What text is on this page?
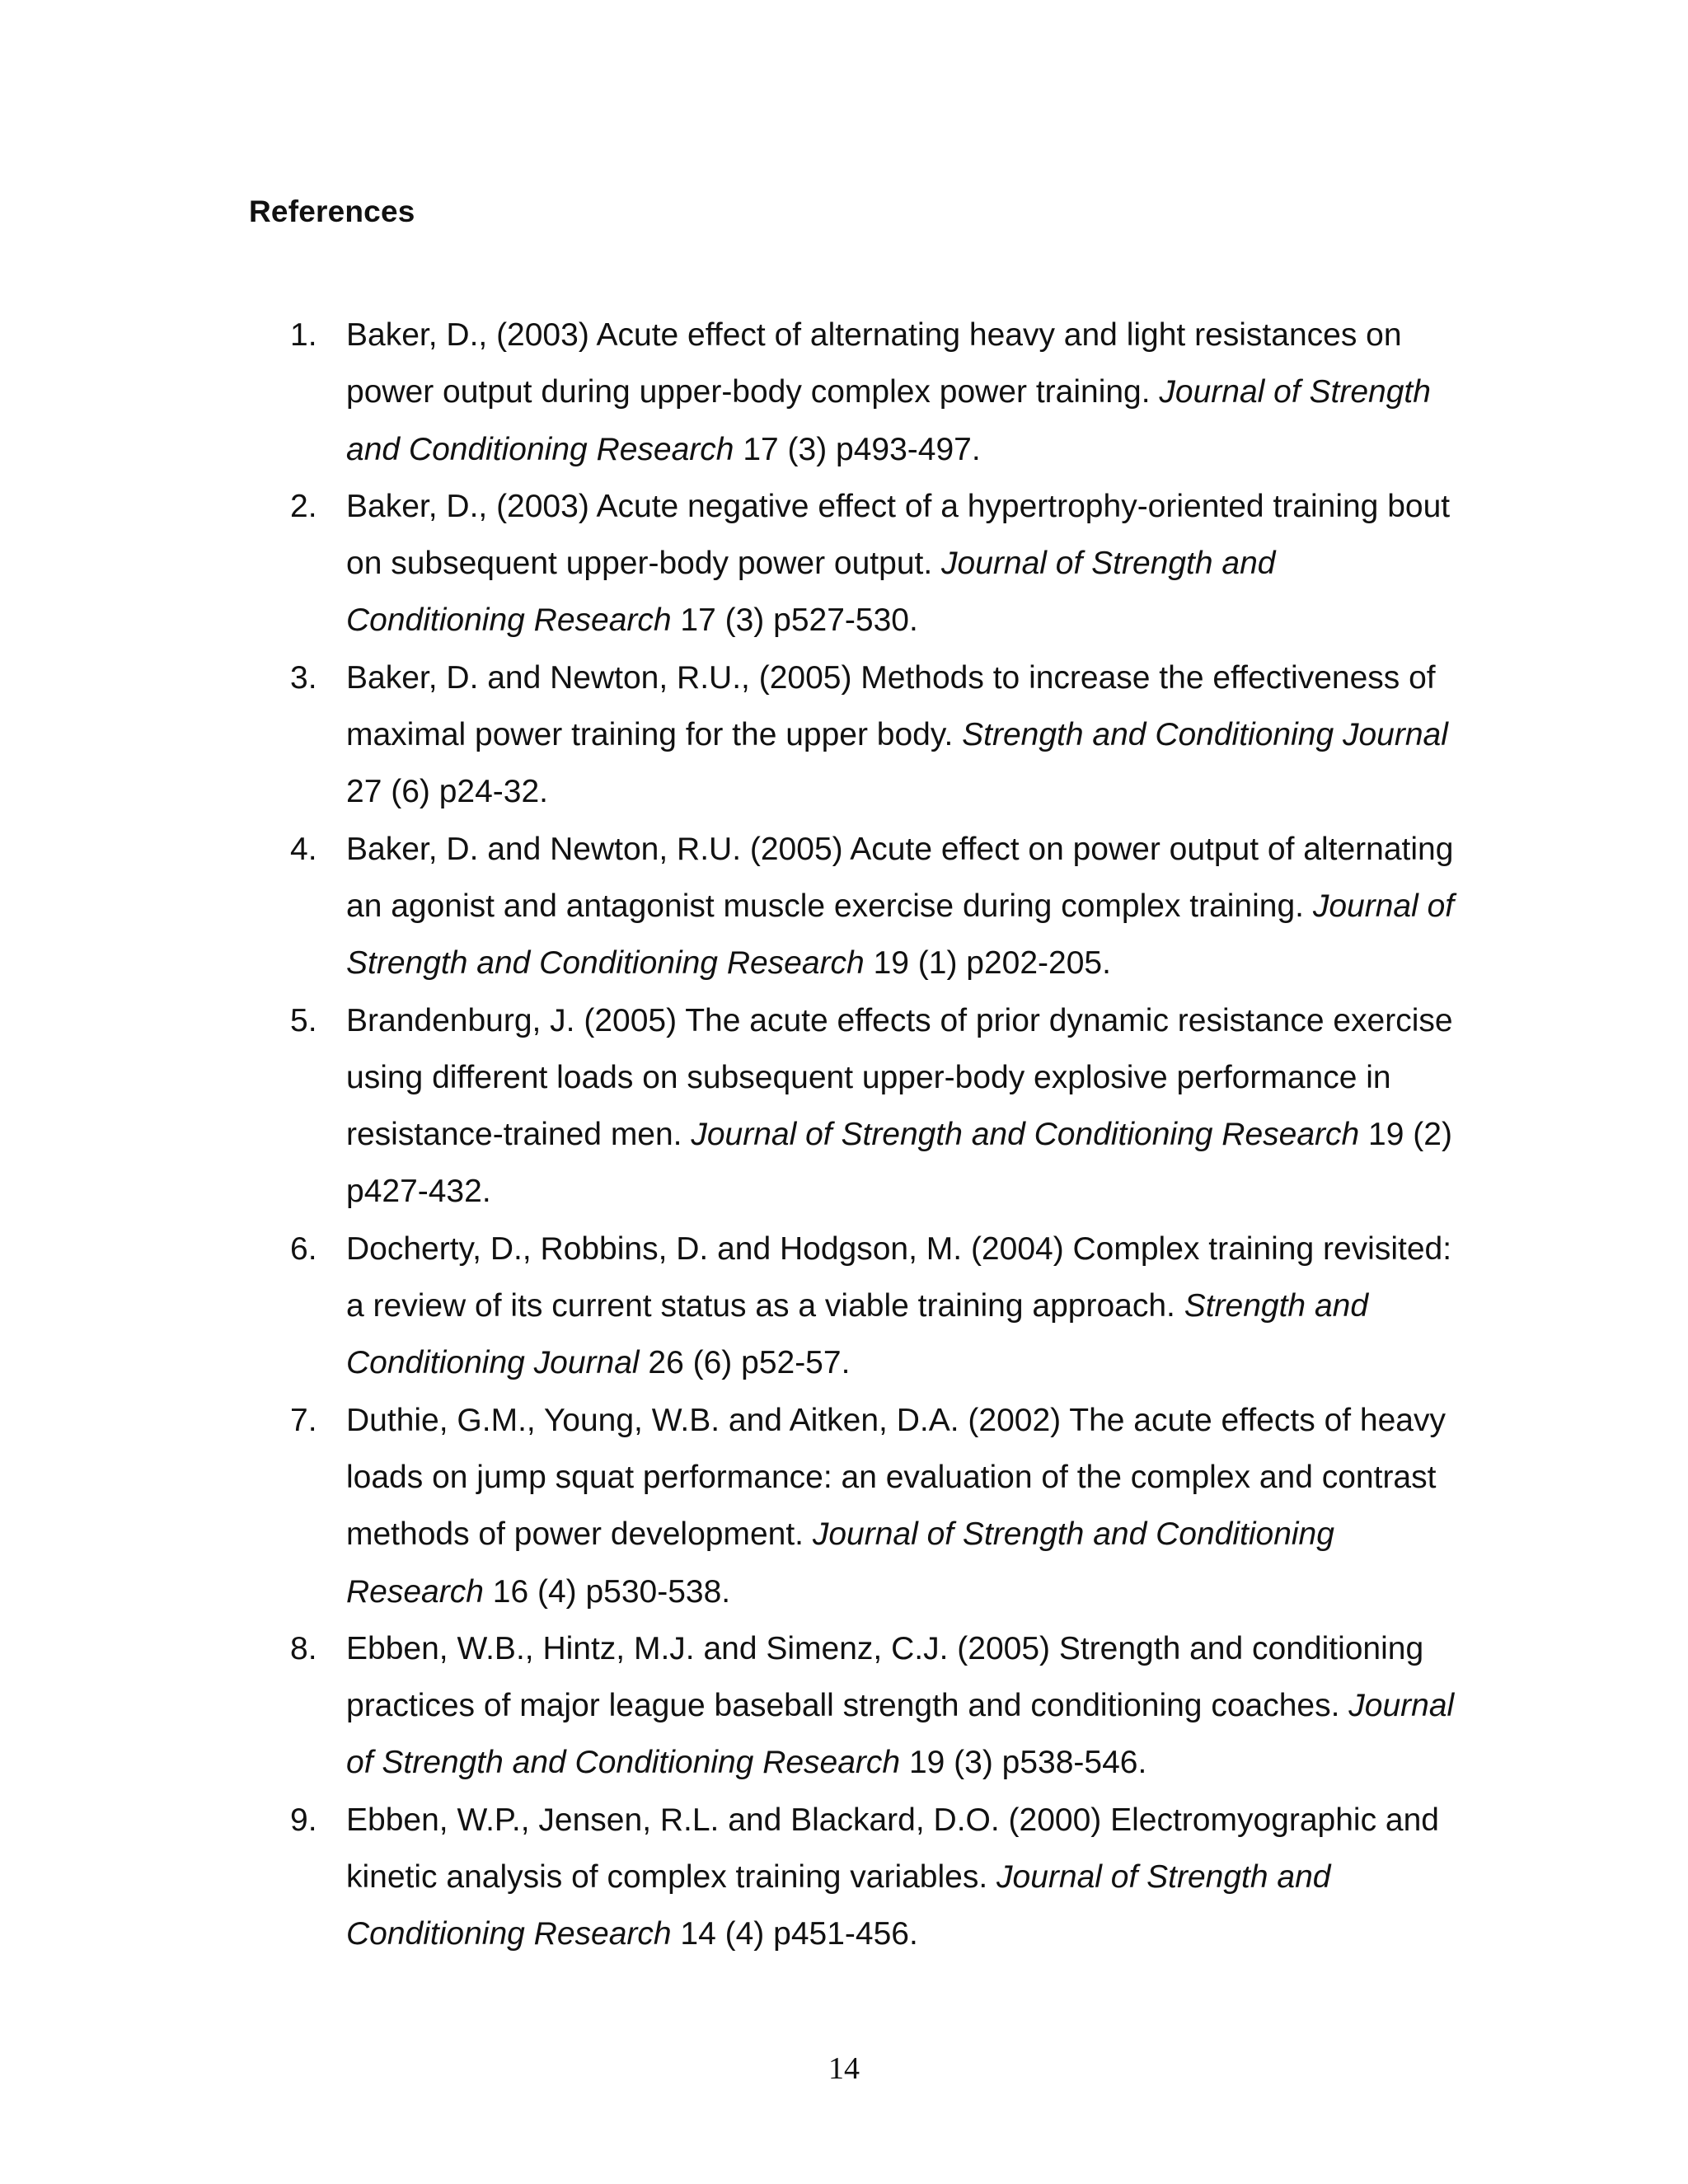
References
1. Baker, D., (2003) Acute effect of alternating heavy and light resistances on power output during upper-body complex power training. Journal of Strength and Conditioning Research 17 (3) p493-497.
2. Baker, D., (2003) Acute negative effect of a hypertrophy-oriented training bout on subsequent upper-body power output. Journal of Strength and Conditioning Research 17 (3) p527-530.
3. Baker, D. and Newton, R.U., (2005) Methods to increase the effectiveness of maximal power training for the upper body. Strength and Conditioning Journal 27 (6) p24-32.
4. Baker, D. and Newton, R.U. (2005) Acute effect on power output of alternating an agonist and antagonist muscle exercise during complex training. Journal of Strength and Conditioning Research 19 (1) p202-205.
5. Brandenburg, J. (2005) The acute effects of prior dynamic resistance exercise using different loads on subsequent upper-body explosive performance in resistance-trained men. Journal of Strength and Conditioning Research 19 (2) p427-432.
6. Docherty, D., Robbins, D. and Hodgson, M. (2004) Complex training revisited: a review of its current status as a viable training approach. Strength and Conditioning Journal 26 (6) p52-57.
7. Duthie, G.M., Young, W.B. and Aitken, D.A. (2002) The acute effects of heavy loads on jump squat performance: an evaluation of the complex and contrast methods of power development. Journal of Strength and Conditioning Research 16 (4) p530-538.
8. Ebben, W.B., Hintz, M.J. and Simenz, C.J. (2005) Strength and conditioning practices of major league baseball strength and conditioning coaches. Journal of Strength and Conditioning Research 19 (3) p538-546.
9. Ebben, W.P., Jensen, R.L. and Blackard, D.O. (2000) Electromyographic and kinetic analysis of complex training variables. Journal of Strength and Conditioning Research 14 (4) p451-456.
14
